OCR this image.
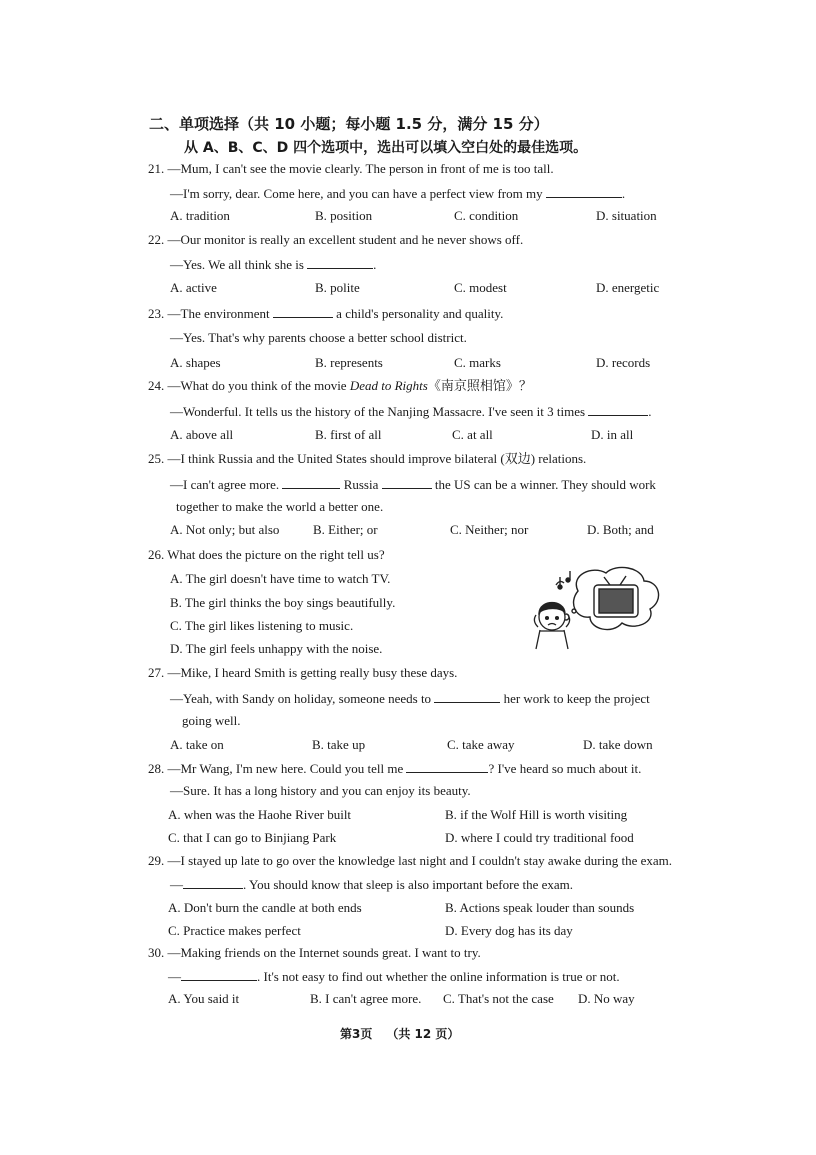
二、单项选择（共 10 小题；每小题 1.5 分，满分 15 分）
从 A、B、C、D 四个选项中，选出可以填入空白处的最佳选项。
21. —Mum, I can't see the movie clearly. The person in front of me is too tall.
—I'm sorry, dear. Come here, and you can have a perfect view from my	.
A. tradition	B. position	C. condition	D. situation
22. —Our monitor is really an excellent student and he never shows off.
—Yes. We all think she is	.
A. active	B. polite	C. modest	D. energetic
23. —The environment	a child's personality and quality.
—Yes. That's why parents choose a better school district.
A. shapes	B. represents	C. marks	D. records
24. —What do you think of the movie Dead to Rights《南京照相馆》？
—Wonderful. It tells us the history of the Nanjing Massacre. I've seen it 3 times	.
A. above all	B. first of all	C. at all	D. in all
25. —I think Russia and the United States should improve bilateral (双边) relations.
—I can't agree more.	Russia	the US can be a winner. They should work
together to make the world a better one.
A. Not only; but also	B. Either; or	C. Neither; nor	D. Both; and
26. What does the picture on the right tell us?
A. The girl doesn't have time to watch TV.
B. The girl thinks the boy sings beautifully.
C. The girl likes listening to music.
D. The girl feels unhappy with the noise.
27. —Mike, I heard Smith is getting really busy these days.
—Yeah, with Sandy on holiday, someone needs to	her work to keep the project
going well.
A. take on	B. take up	C. take away	D. take down
28. —Mr Wang, I'm new here. Could you tell me	? I've heard so much about it.
—Sure. It has a long history and you can enjoy its beauty.
A. when was the Haohe River built	B. if the Wolf Hill is worth visiting
C. that I can go to Binjiang Park	D. where I could try traditional food
29. —I stayed up late to go over the knowledge last night and I couldn't stay awake during the exam.
—	. You should know that sleep is also important before the exam.
A. Don't burn the candle at both ends	B. Actions speak louder than sounds
C. Practice makes perfect	D. Every dog has its day
30. —Making friends on the Internet sounds great. I want to try.
—	. It's not easy to find out whether the online information is true or not.
A. You said it	B. I can't agree more. C. That's not the case D. No way
第3页 （共 12 页）
